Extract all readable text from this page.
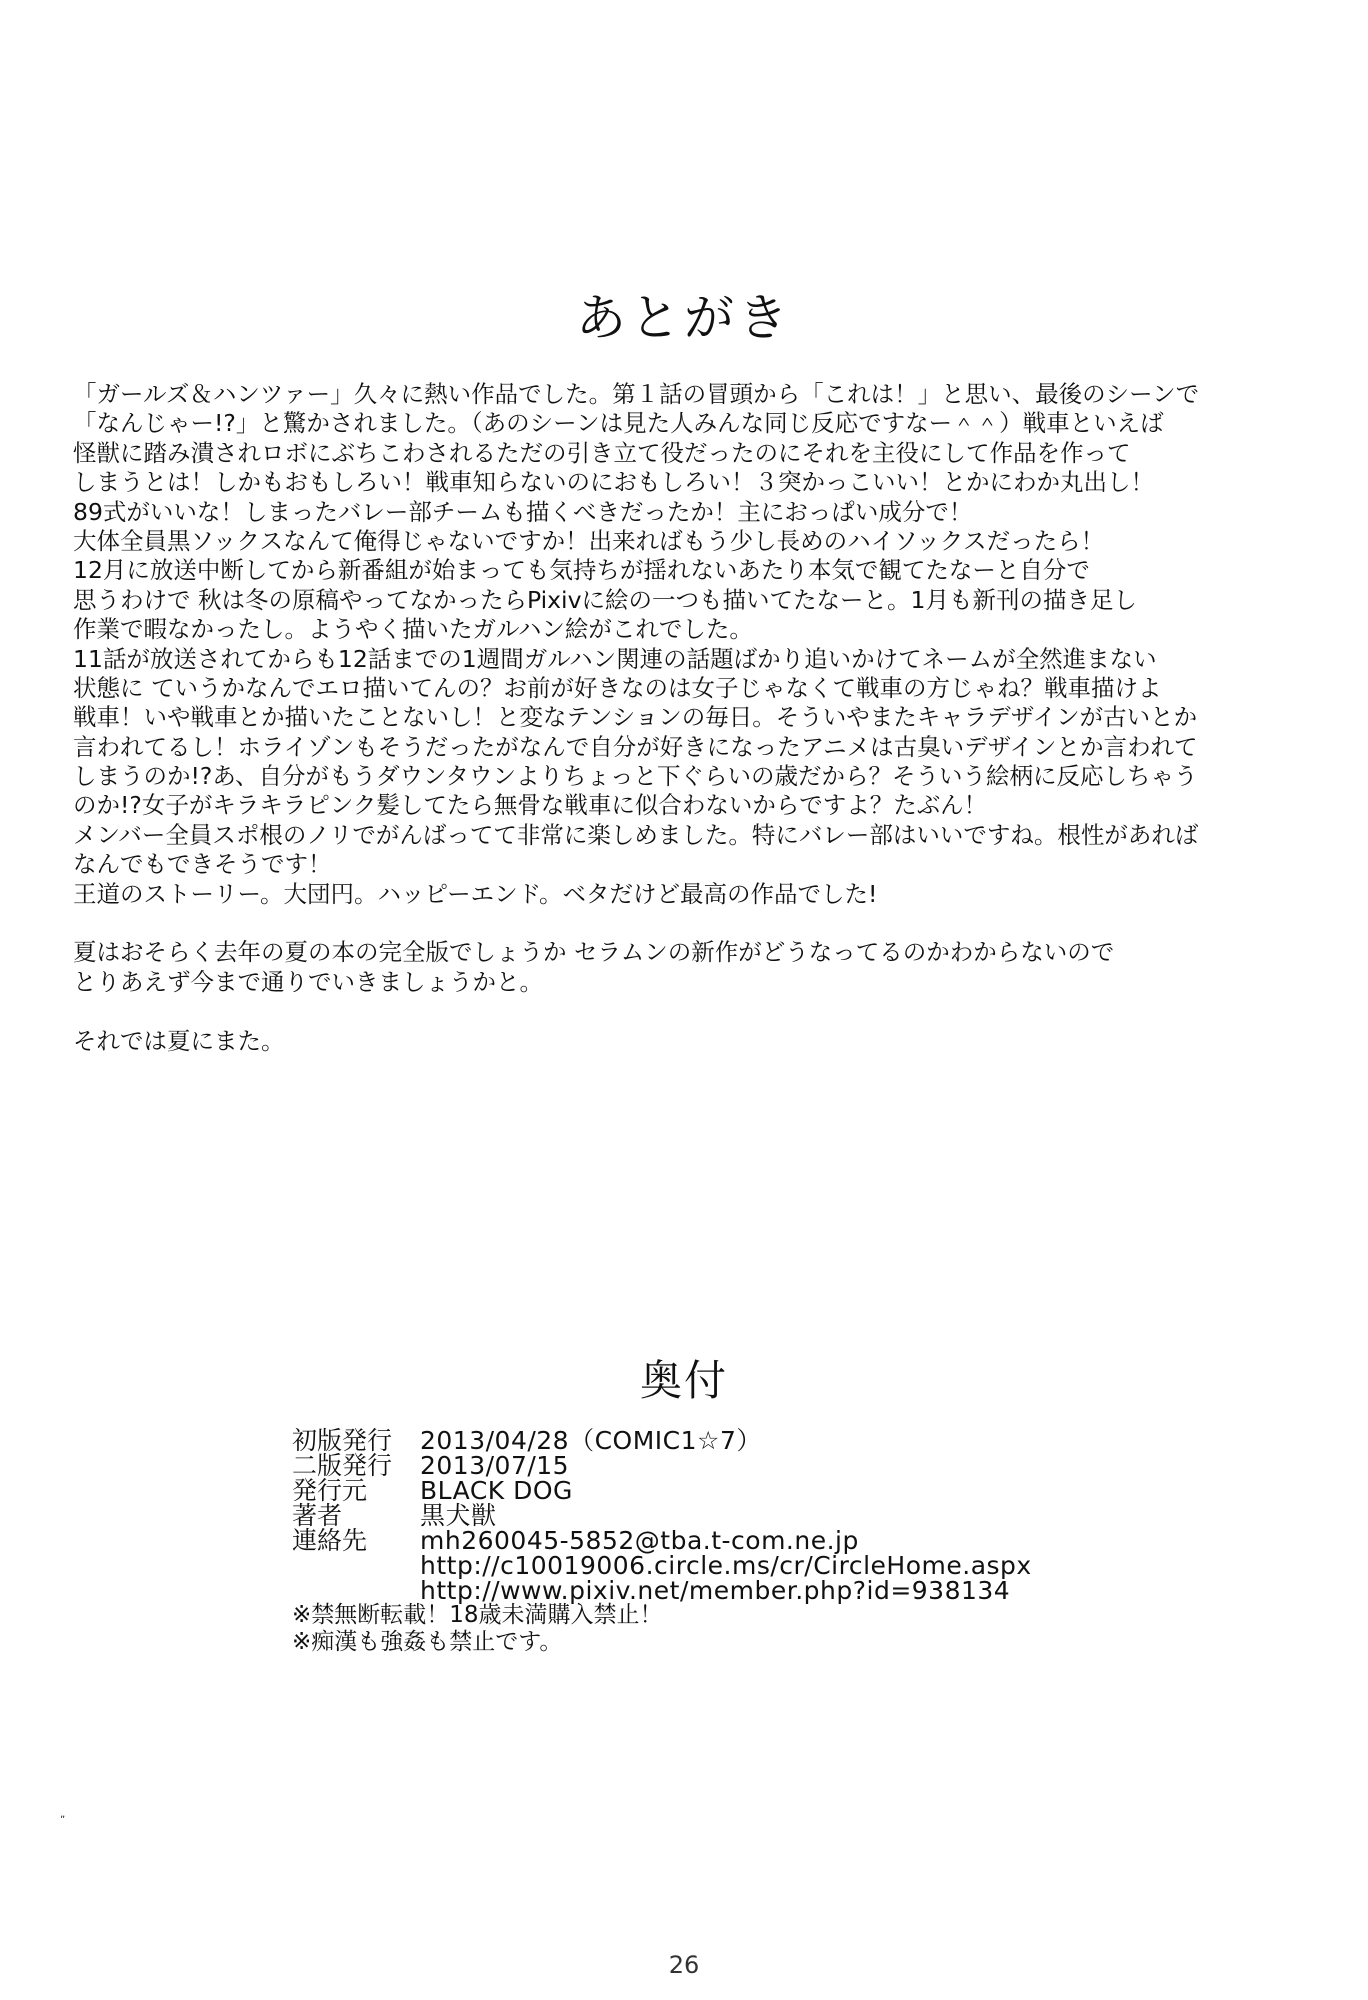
あとがき
「ガールズ＆ハンツァー」久々に熱い作品でした。第１話の冒頭から「これは！」と思い、最後のシーンで
「なんじゃー!?」と驚かされました。（あのシーンは見た人みんな同じ反応ですなー＾＾）戦車といえば
怪獣に踏み潰されロボにぶちこわされるただの引き立て役だったのにそれを主役にして作品を作って
しまうとは！しかもおもしろい！戦車知らないのにおもしろい！３突かっこいい！とかにわか丸出し！
89式がいいな！しまったバレー部チームも描くべきだったか！主におっぱい成分で！
大体全員黒ソックスなんて俺得じゃないですか！出来ればもう少し長めのハイソックスだったら！
12月に放送中断してから新番組が始まっても気持ちが揺れないあたり本気で観てたなーと自分で
思うわけで 秋は冬の原稿やってなかったらPixivに絵の一つも描いてたなーと。1月も新刊の描き足し
作業で暇なかったし。ようやく描いたガルハン絵がこれでした。
11話が放送されてからも12話までの1週間ガルハン関連の話題ばかり追いかけてネームが全然進まない
状態に ていうかなんでエロ描いてんの？お前が好きなのは女子じゃなくて戦車の方じゃね？戦車描けよ
戦車！いや戦車とか描いたことないし！と変なテンションの毎日。そういやまたキャラデザインが古いとか
言われてるし！ホライゾンもそうだったがなんで自分が好きになったアニメは古臭いデザインとか言われて
しまうのか!?あ、自分がもうダウンタウンよりちょっと下ぐらいの歳だから？そういう絵柄に反応しちゃう
のか!?女子がキラキラピンク髪してたら無骨な戦車に似合わないからですよ？たぶん！
メンバー全員スポ根のノリでがんばってて非常に楽しめました。特にバレー部はいいですね。根性があれば
なんでもできそうです！
王道のストーリー。大団円。ハッピーエンド。ベタだけど最高の作品でした!
夏はおそらく去年の夏の本の完全版でしょうか セラムンの新作がどうなってるのかわからないので
とりあえず今まで通りでいきましょうかと。
それでは夏にまた。
奥付
初版発行	2013/04/28（COMIC1☆7）
二版発行	2013/07/15
発行元	BLACK DOG
著者	黒犬獣
連絡先	mh260045-5852@tba.t-com.ne.jp
http://c10019006.circle.ms/cr/CircleHome.aspx
http://www.pixiv.net/member.php?id=938134
※禁無断転載！18歳未満購入禁止！
※痴漢も強姦も禁止です。
„
26
